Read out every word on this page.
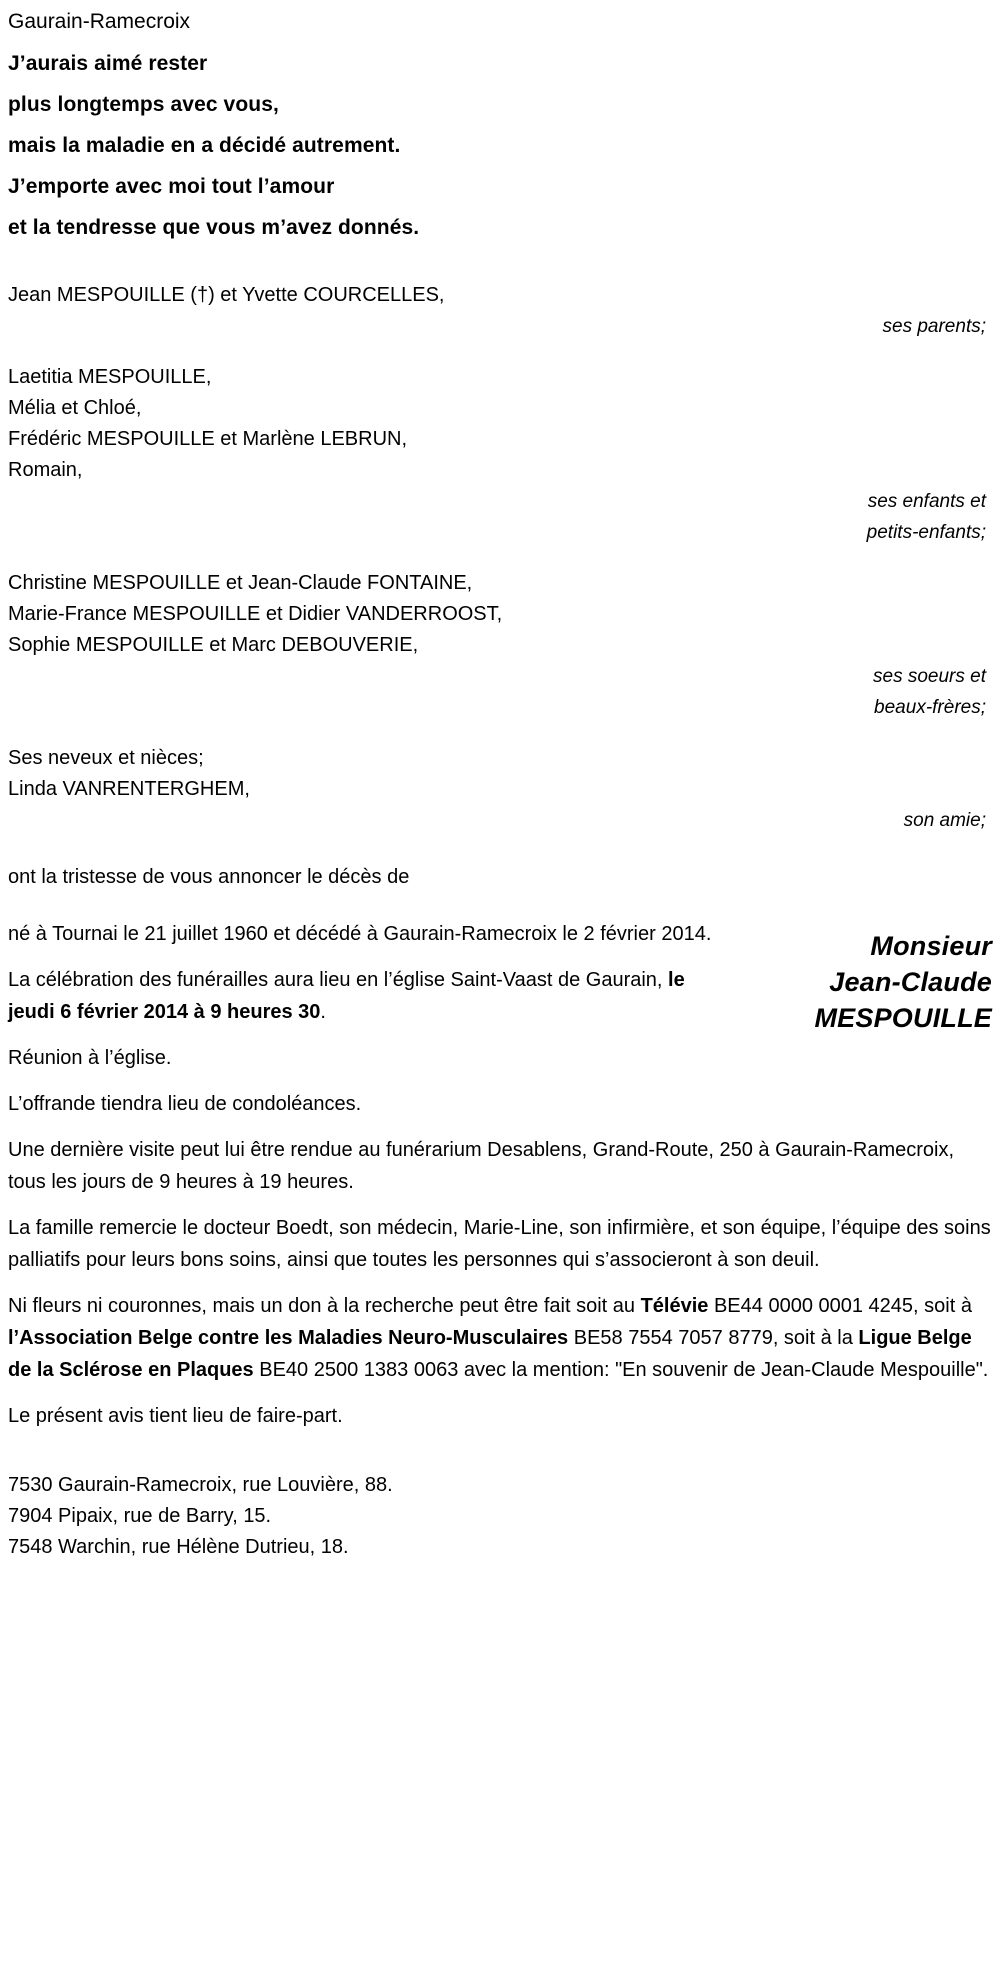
Gaurain-Ramecroix
J’aurais aimé rester
plus longtemps avec vous,
mais la maladie en a décidé autrement.
J’emporte avec moi tout l’amour
et la tendresse que vous m’avez donnés.
Jean MESPOUILLE (†) et Yvette COURCELLES,
ses parents;
Laetitia MESPOUILLE,
Mélia et Chloé,
Frédéric MESPOUILLE et Marlène LEBRUN,
Romain,
ses enfants et
petits-enfants;
Christine MESPOUILLE et Jean-Claude FONTAINE,
Marie-France MESPOUILLE et Didier VANDERROOST,
Sophie MESPOUILLE et Marc DEBOUVERIE,
ses soeurs et
beaux-frères;
Ses neveux et nièces;
Linda VANRENTERGHEM,
son amie;
ont la tristesse de vous annoncer le décès de
Monsieur
Jean-Claude
MESPOUILLE

né à Tournai le 21 juillet 1960 et décédé à Gaurain-Ramecroix le 2 février 2014.

La célébration des funérailles aura lieu en l’église Saint-Vaast de Gaurain, le jeudi 6 février 2014 à 9 heures 30.

Réunion à l’église.

L’offrande tiendra lieu de condoléances.

Une dernière visite peut lui être rendue au funérarium Desablens, Grand-Route, 250 à Gaurain-Ramecroix, tous les jours de 9 heures à 19 heures.

La famille remercie le docteur Boedt, son médecin, Marie-Line, son infirmière, et son équipe, l’équipe des soins palliatifs pour leurs bons soins, ainsi que toutes les personnes qui s’associeront à son deuil.

Ni fleurs ni couronnes, mais un don à la recherche peut être fait soit au Télévie BE44 0000 0001 4245, soit à l’Association Belge contre les Maladies Neuro-Musculaires BE58 7554 7057 8779, soit à la Ligue Belge de la Sclérose en Plaques BE40 2500 1383 0063 avec la mention: "En souvenir de Jean-Claude Mespouille".

Le présent avis tient lieu de faire-part.

7530 Gaurain-Ramecroix, rue Louvière, 88.
7904 Pipaix, rue de Barry, 15.
7548 Warchin, rue Hélène Dutrieu, 18.
